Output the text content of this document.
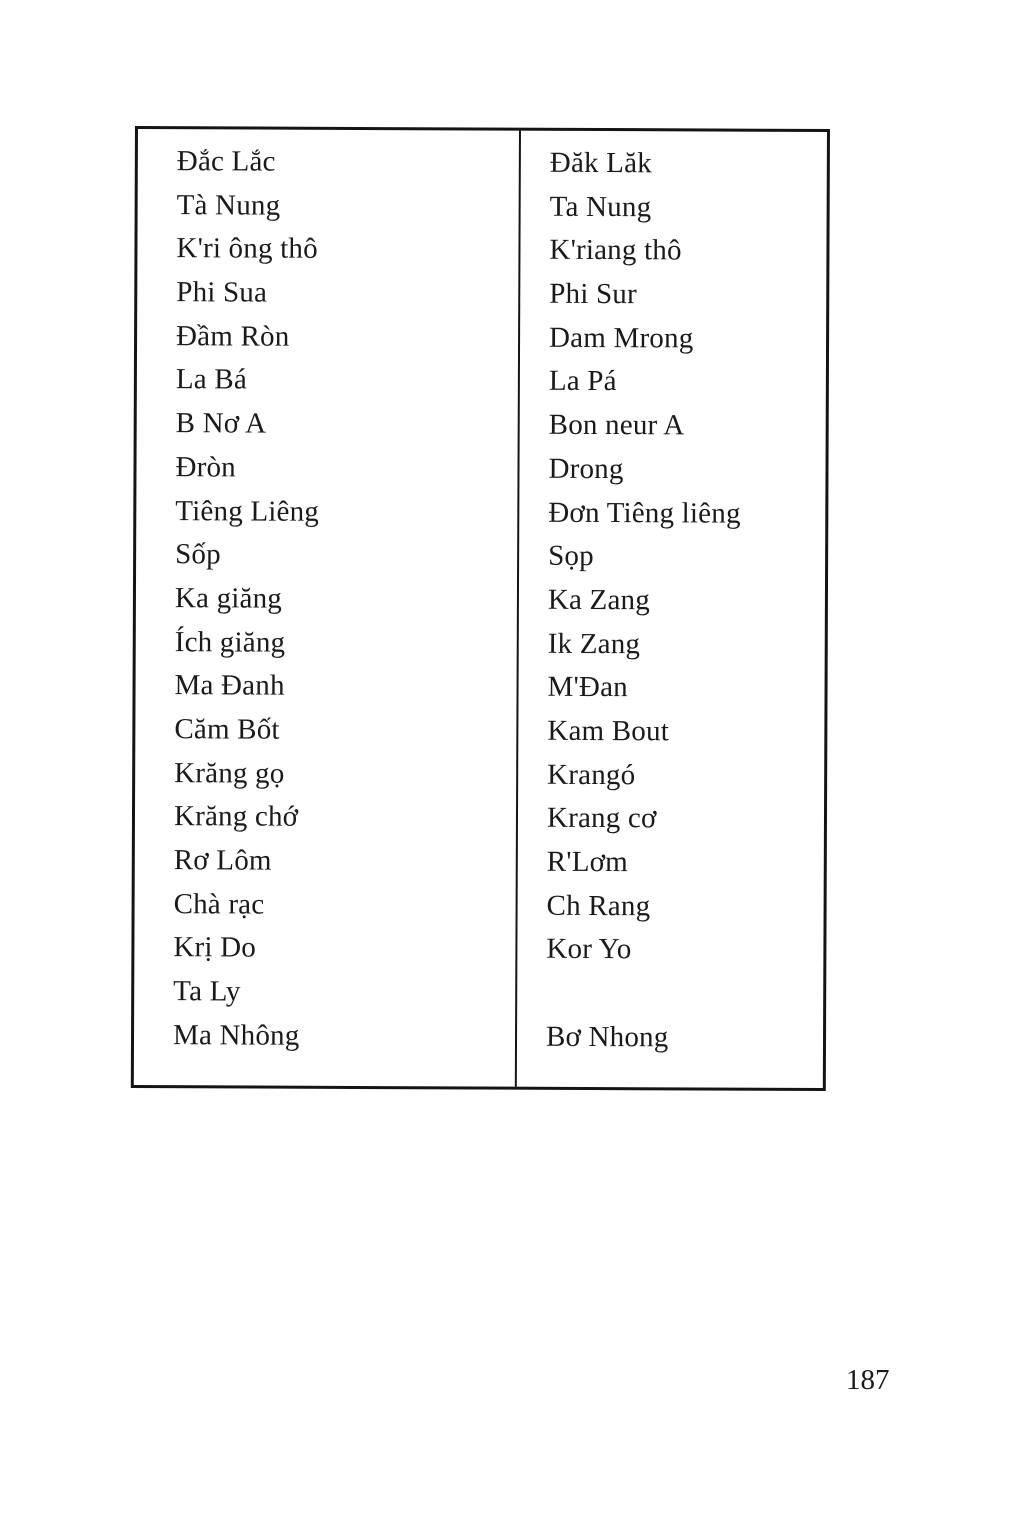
Đắc Lắc
Tà Nung
K'ri ông thô
Phi Sua
Đầm Ròn
La Bá
B Nơ A
Đròn
Tiêng Liêng
Sốp
Ka giăng
Ích giăng
Ma Đanh
Căm Bốt
Krăng gọ
Krăng chớ
Rơ Lôm
Chà rạc
Krị Do
Ta Ly
Ma Nhông
Đăk Lăk
Ta Nung
K'riang thô
Phi Sur
Dam Mrong
La Pá
Bon neur A
Drong
Đơn Tiêng liêng
Sọp
Ka Zang
Ik Zang
M'Đan
Kam Bout
Krangó
Krang cơ
R'Lơm
Ch Rang
Kor Yo
Bơ Nhong
187
